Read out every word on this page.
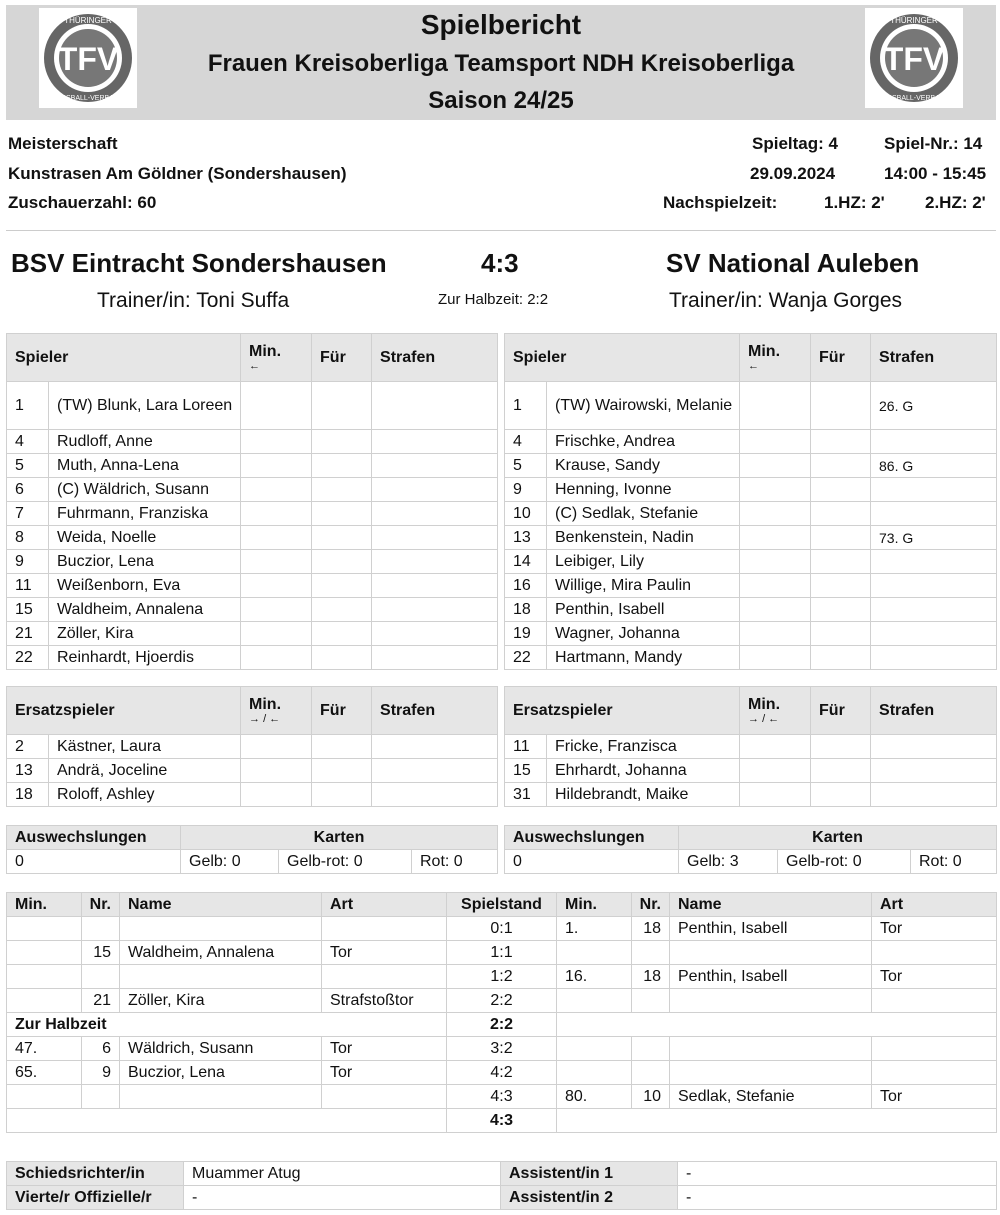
TFV
THÜRINGER
FUSSBALL-VERBAND
TFV
THÜRINGER
FUSSBALL-VERBAND
Spielbericht
Frauen Kreisoberliga Teamsport NDH Kreisoberliga
Saison 24/25
Meisterschaft
Kunstrasen Am Göldner (Sondershausen)
Zuschauerzahl: 60
Spieltag: 4	Spiel-Nr.: 14
29.09.2024	14:00 - 15:45
Nachspielzeit:	1.HZ: 2' 2.HZ: 2'
BSV Eintracht Sondershausen	4:3	SV National Auleben
Trainer/in: Toni Suffa	Zur Halbzeit: 2:2	Trainer/in: Wanja Gorges
Spieler		Min.
←	Für	Strafen
1	(TW) Blunk, Lara Loreen			
4	Rudloff, Anne			
5	Muth, Anna-Lena			
6	(C) Wäldrich, Susann			
7	Fuhrmann, Franziska			
8	Weida, Noelle			
9	Buczior, Lena			
11	Weißenborn, Eva			
15	Waldheim, Annalena			
21	Zöller, Kira			
22	Reinhardt, Hjoerdis			
Spieler		Min.
←	Für	Strafen
1	(TW) Wairowski, Melanie			26. G
4	Frischke, Andrea			
5	Krause, Sandy			86. G
9	Henning, Ivonne			
10	(C) Sedlak, Stefanie			
13	Benkenstein, Nadin			73. G
14	Leibiger, Lily			
16	Willige, Mira Paulin			
18	Penthin, Isabell			
19	Wagner, Johanna			
22	Hartmann, Mandy			
Ersatzspieler		Min.
→ / ←	Für	Strafen
2	Kästner, Laura			
13	Andrä, Joceline			
18	Roloff, Ashley			
Ersatzspieler		Min.
→ / ←	Für	Strafen
11	Fricke, Franzisca			
15	Ehrhardt, Johanna			
31	Hildebrandt, Maike			
Auswechslungen	Karten		
0	Gelb: 0	Gelb-rot: 0	Rot: 0
Auswechslungen	Karten		
0	Gelb: 3	Gelb-rot: 0	Rot: 0
Min.	Nr.	Name	Art	Spielstand	Min.	Nr.	Name	Art
				0:1	1.	18	Penthin, Isabell	Tor
	15	Waldheim, Annalena	Tor	1:1				
				1:2	16.	18	Penthin, Isabell	Tor
	21	Zöller, Kira	Strafstoßtor	2:2				
Zur Halbzeit				2:2				
47.	6	Wäldrich, Susann	Tor	3:2				
65.	9	Buczior, Lena	Tor	4:2				
				4:3	80.	10	Sedlak, Stefanie	Tor
				4:3				
Schiedsrichter/in	Muammer Atug	Assistent/in 1	-
Vierte/r Offizielle/r	-	Assistent/in 2	-
